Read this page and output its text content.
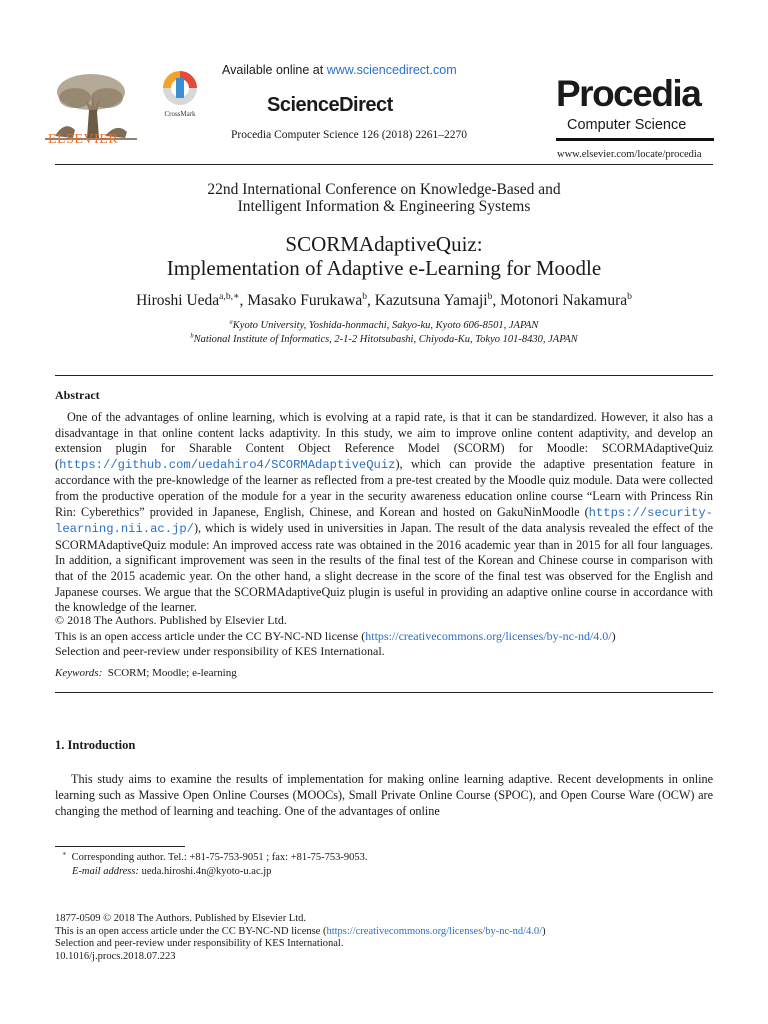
ELSEVIER
CrossMark
Available online at www.sciencedirect.com
ScienceDirect
Procedia Computer Science 126 (2018) 2261–2270
Procedia
Computer Science
www.elsevier.com/locate/procedia
22nd International Conference on Knowledge-Based and
Intelligent Information & Engineering Systems
SCORMAdaptiveQuiz:
Implementation of Adaptive e-Learning for Moodle
Hiroshi Ueda$^{a,b,∗}$, Masako Furukawa$^b$, Kazutsuna Yamaji$^b$, Motonori Nakamura$^b$
$^a$Kyoto University, Yoshida-honmachi, Sakyo-ku, Kyoto 606-8501, JAPAN
$^b$National Institute of Informatics, 2-1-2 Hitotsubashi, Chiyoda-Ku, Tokyo 101-8430, JAPAN
Abstract

One of the advantages of online learning, which is evolving at a rapid rate, is that it can be standardized. However, it also has a disadvantage in that online content lacks adaptivity. In this study, we aim to improve online content adaptivity, and develop an extension plugin for Sharable Content Object Reference Model (SCORM) for Moodle: SCORMAdaptiveQuiz (https://github.com/uedahiro4/SCORMAdaptiveQuiz), which can provide the adaptive presentation feature in accordance with the pre-knowledge of the learner as reflected from a pre-test created by the Moodle quiz module. Data were collected from the productive operation of the module for a year in the security awareness education online course “Learn with Princess Rin Rin: Cyberethics” provided in Japanese, English, Chinese, and Korean and hosted on GakuNinMoodle (https://security-learning.nii.ac.jp/), which is widely used in universities in Japan. The result of the data analysis revealed the effect of the SCORMAdaptiveQuiz module: An improved access rate was obtained in the 2016 academic year than in 2015 for all four languages. In addition, a significant improvement was seen in the results of the final test of the Korean and Chinese course in comparison with that of the 2015 academic year. On the other hand, a slight decrease in the score of the final test was observed for the English and Japanese courses. We argue that the SCORMAdaptiveQuiz plugin is useful in providing an adaptive online course in accordance with the knowledge of the learner.

© 2018 The Authors. Published by Elsevier Ltd.
This is an open access article under the CC BY-NC-ND license (https://creativecommons.org/licenses/by-nc-nd/4.0/)
Selection and peer-review under responsibility of KES International.
Keywords: SCORM; Moodle; e-learning
1. Introduction

This study aims to examine the results of implementation for making online learning adaptive. Recent developments in online learning such as Massive Open Online Courses (MOOCs), Small Private Online Course (SPOC), and Open Course Ware (OCW) are changing the method of learning and teaching. One of the advantages of online

∗ Corresponding author. Tel.: +81-75-753-9051 ; fax: +81-75-753-9053.
E-mail address: ueda.hiroshi.4n@kyoto-u.ac.jp
1877-0509 © 2018 The Authors. Published by Elsevier Ltd.
This is an open access article under the CC BY-NC-ND license (https://creativecommons.org/licenses/by-nc-nd/4.0/)
Selection and peer-review under responsibility of KES International.
10.1016/j.procs.2018.07.223
